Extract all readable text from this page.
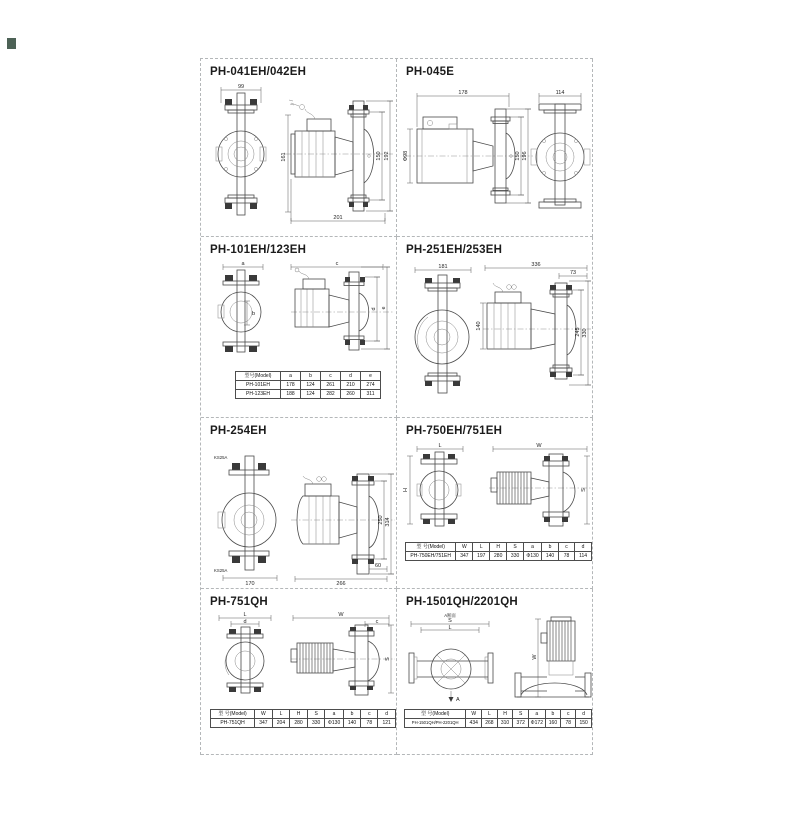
PH-041EH/042EH
99
161	150 192
201
PH-045E
178
Φ98	150 196
114
PH-101EH/123EH
a
b
c
d e
型号(Model)	a	b	c	d	e
PH-101EH	178	124	261	210	274
PH-123EH	188	124	282	260	311
PH-251EH/253EH
181	336
73
140
245 330
PH-254EH
KS25A
KS25A
170
250 314
60
266
PH-750EH/751EH
L
H
W
S
型 号(Model)	W	L	H	S	a	b	c	d
PH-750EH/751EH	347	197	280	330	Φ130	140	78	114
PH-751QH
L
d
W
c
S
型 号(Model)	W	L	H	S	a	b	c	d
PH-751QH	347	204	280	330	Φ130	140	78	121
PH-1501QH/2201QH
A断面
S
L
A
W
型 号(Model)	W	L	H	S	a	b	c	d
PH-1501QH/PH-2201QH	434	268	310	372	Φ172	160	78	150
